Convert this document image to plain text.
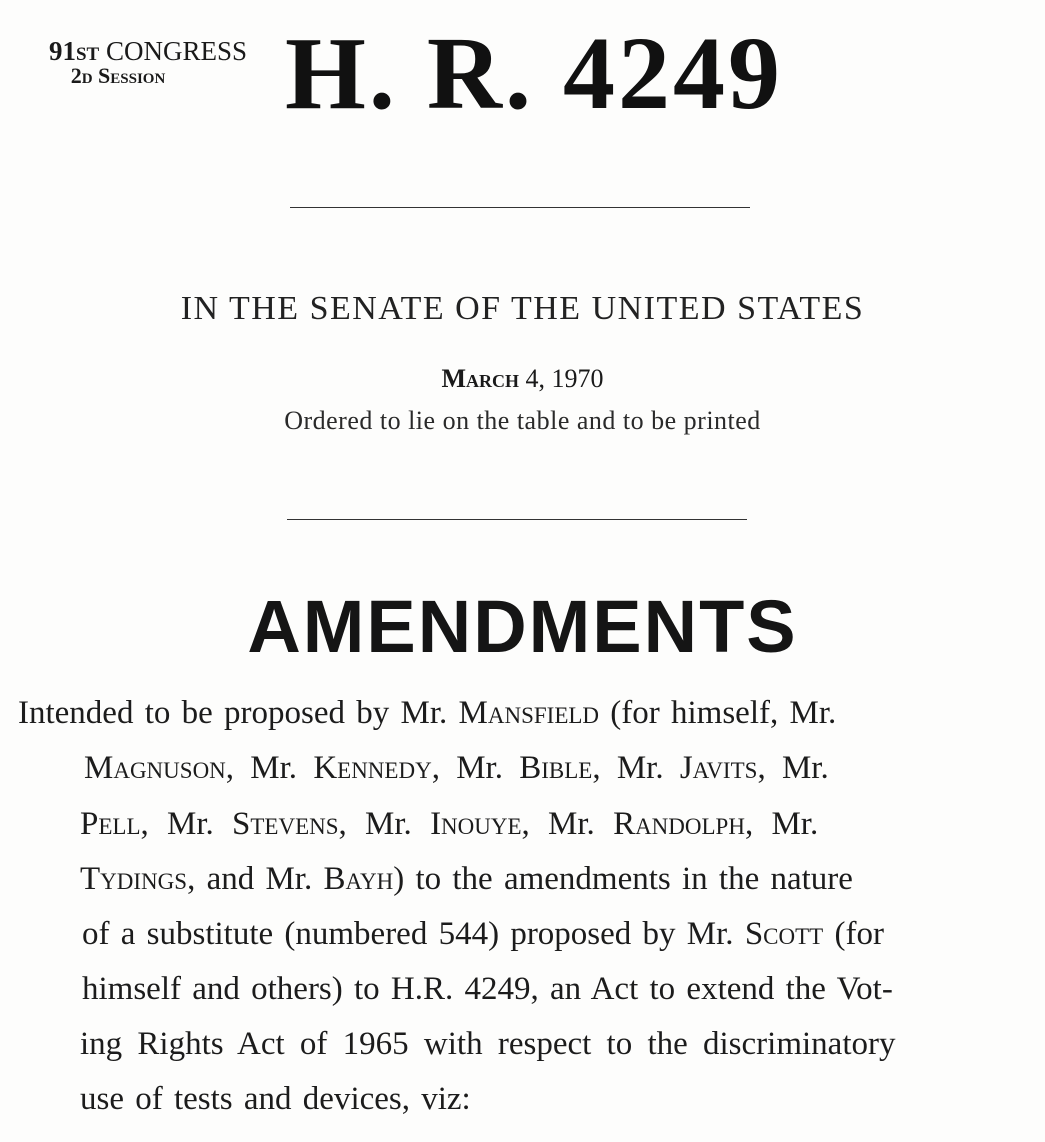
91st CONGRESS
2d Session	H. R. 4249
IN THE SENATE OF THE UNITED STATES
March 4, 1970
Ordered to lie on the table and to be printed
AMENDMENTS
Intended to be proposed by Mr. Mansfield (for himself, Mr.
Magnuson, Mr. Kennedy, Mr. Bible, Mr. Javits, Mr.
Pell, Mr. Stevens, Mr. Inouye, Mr. Randolph, Mr.
Tydings, and Mr. Bayh) to the amendments in the nature
of a substitute (numbered 544) proposed by Mr. Scott (for
himself and others) to H.R. 4249, an Act to extend the Vot-
ing Rights Act of 1965 with respect to the discriminatory
use of tests and devices, viz:
